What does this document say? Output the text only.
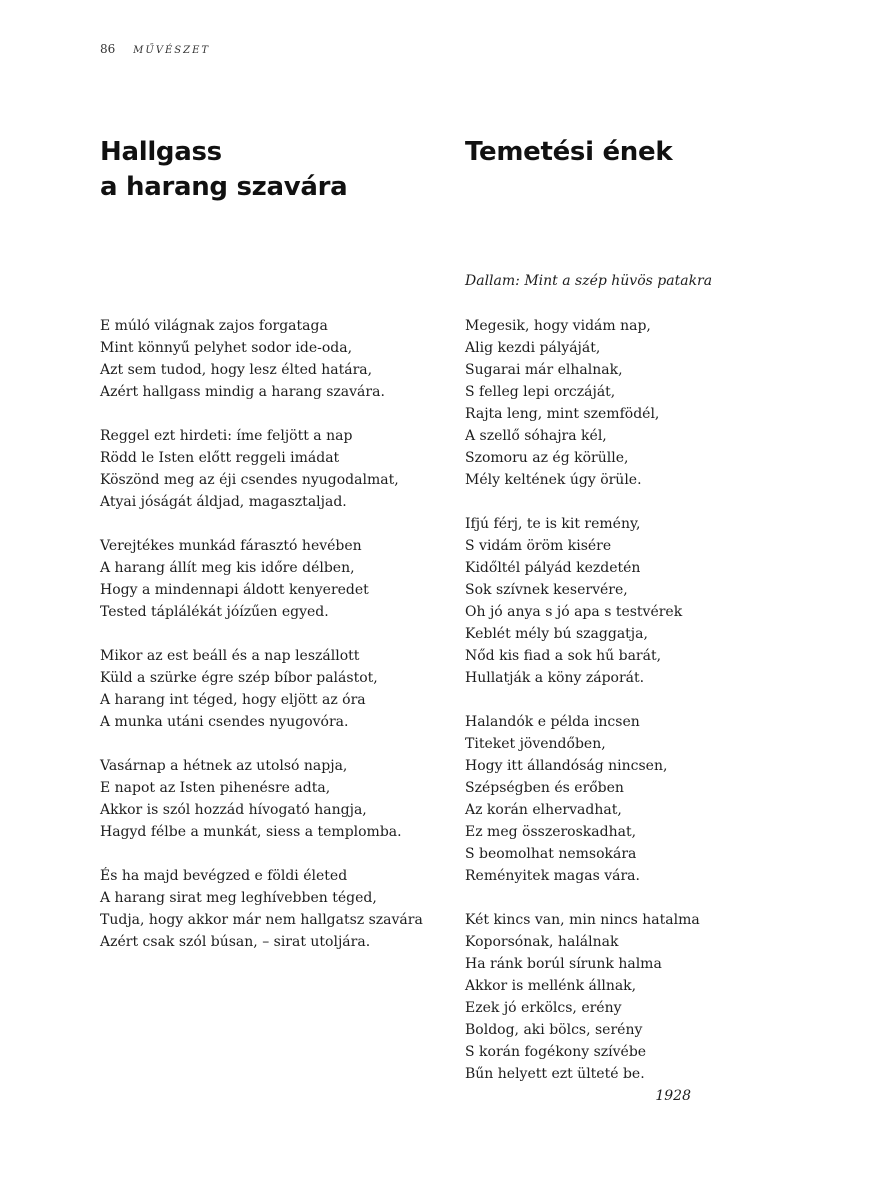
86 MŰVÉSZET
Hallgass
a harang szavára
E múló világnak zajos forgataga
Mint könnyű pelyhet sodor ide-oda,
Azt sem tudod, hogy lesz élted határa,
Azért hallgass mindig a harang szavára.
Reggel ezt hirdeti: íme feljött a nap
Rödd le Isten előtt reggeli imádat
Köszönd meg az éji csendes nyugodalmat,
Atyai jóságát áldjad, magasztaljad.
Verejtékes munkád fárasztó hevében
A harang állít meg kis időre délben,
Hogy a mindennapi áldott kenyeredet
Tested táplálékát jóízűen egyed.
Mikor az est beáll és a nap leszállott
Küld a szürke égre szép bíbor palástot,
A harang int téged, hogy eljött az óra
A munka utáni csendes nyugovóra.
Vasárnap a hétnek az utolsó napja,
E napot az Isten pihenésre adta,
Akkor is szól hozzád hívogató hangja,
Hagyd félbe a munkát, siess a templomba.
És ha majd bevégzed e földi életed
A harang sirat meg leghívebben téged,
Tudja, hogy akkor már nem hallgatsz szavára
Azért csak szól búsan, – sirat utoljára.
Temetési ének
Dallam: Mint a szép hüvös patakra
Megesik, hogy vidám nap,
Alig kezdi pályáját,
Sugarai már elhalnak,
S felleg lepi orczáját,
Rajta leng, mint szemfödél,
A szellő sóhajra kél,
Szomoru az ég körülle,
Mély keltének úgy örüle.
Ifjú férj, te is kit remény,
S vidám öröm kisére
Kidőltél pályád kezdetén
Sok szívnek keservére,
Oh jó anya s jó apa s testvérek
Keblét mély bú szaggatja,
Nőd kis fiad a sok hű barát,
Hullatják a köny záporát.
Halandók e példa incsen
Titeket jövendőben,
Hogy itt állandóság nincsen,
Szépségben és erőben
Az korán elhervadhat,
Ez meg összeroskadhat,
S beomolhat nemsokára
Reményitek magas vára.
Két kincs van, min nincs hatalma
Koporsónak, halálnak
Ha ránk borúl sírunk halma
Akkor is mellénk állnak,
Ezek jó erkölcs, erény
Boldog, aki bölcs, serény
S korán fogékony szívébe
Bűn helyett ezt ülteté be.
1928
